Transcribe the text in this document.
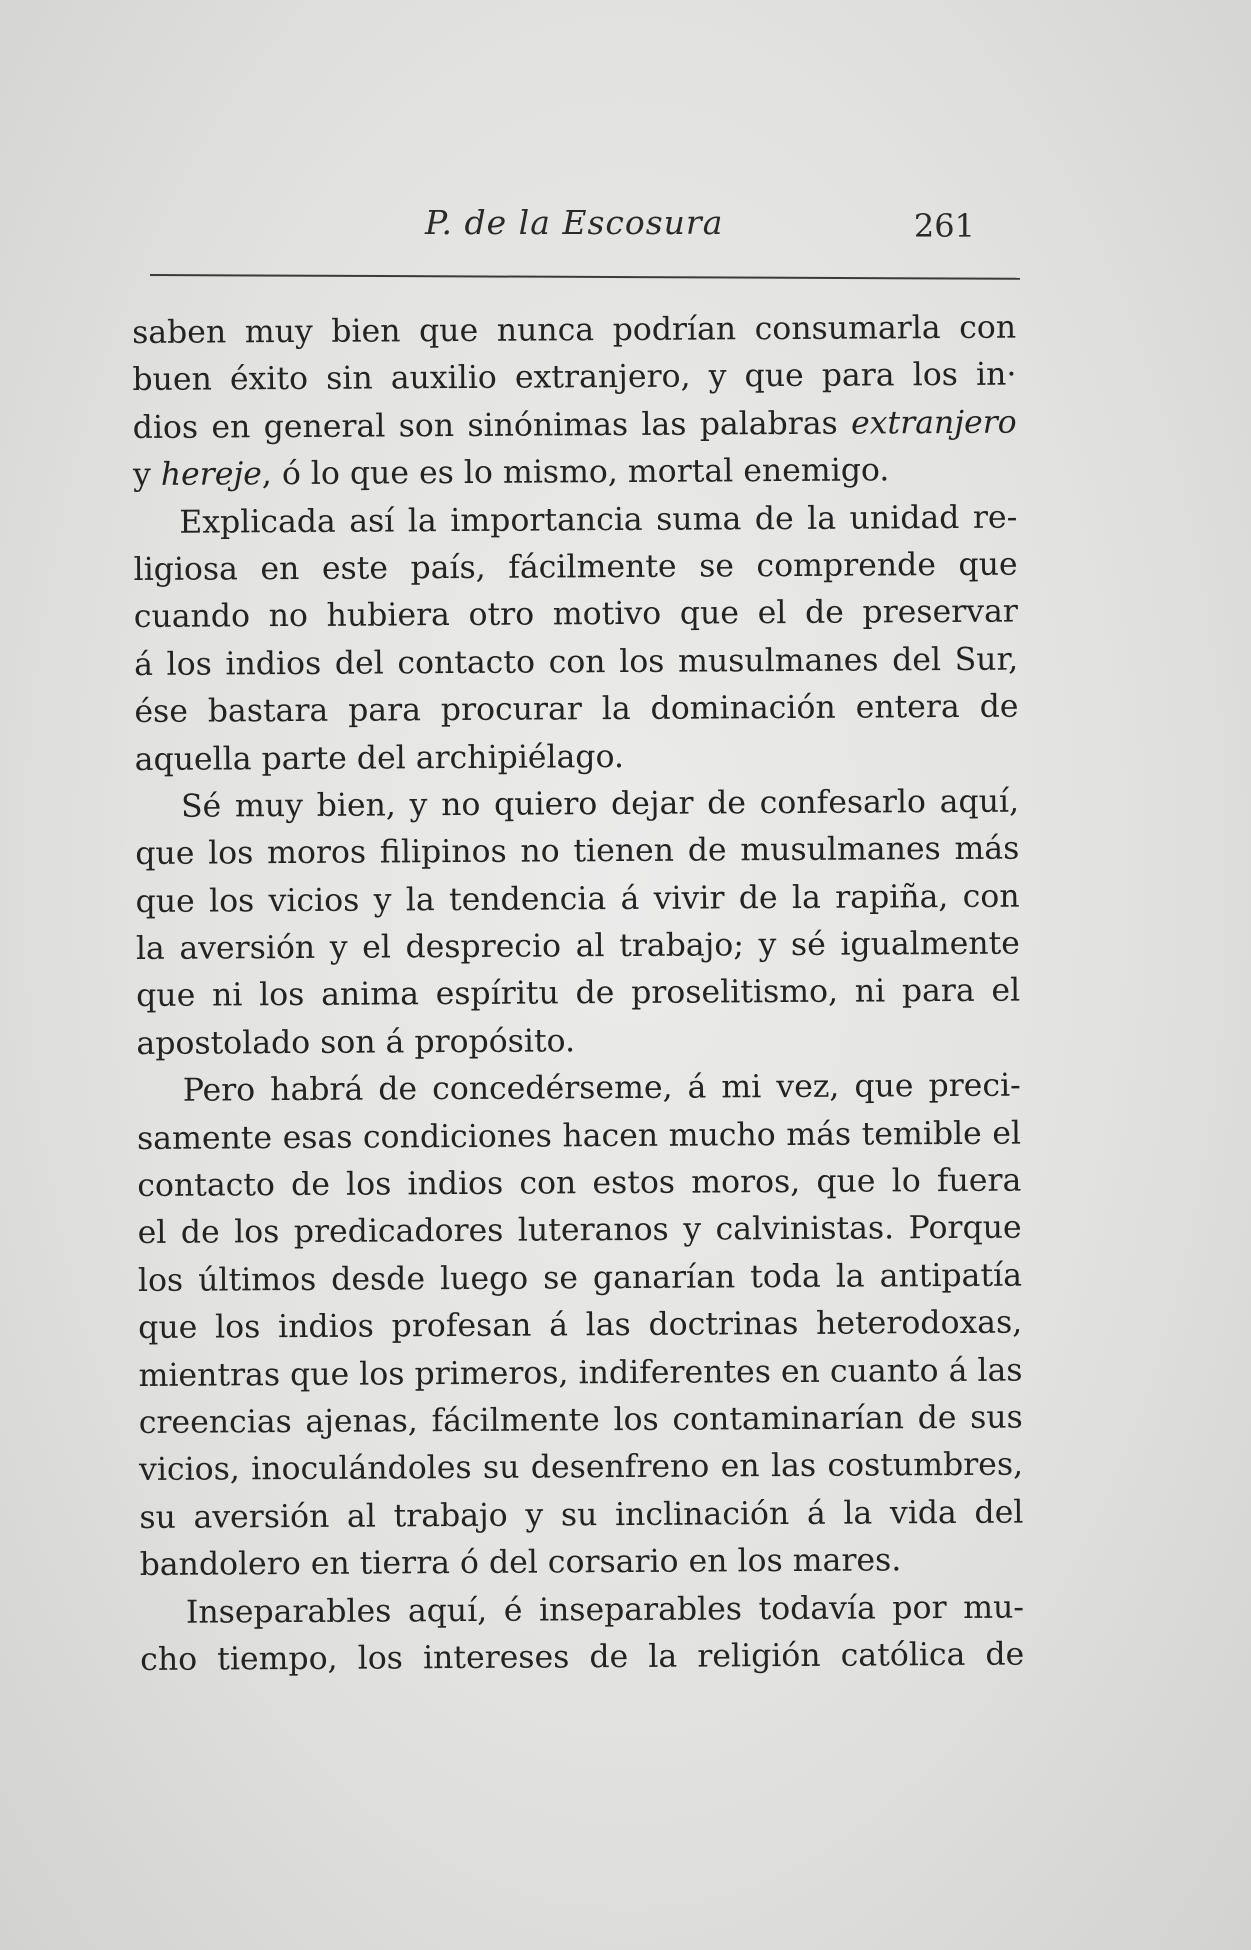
P. de la Escosura	261
saben muy bien que nunca podrían consumarla con
buen éxito sin auxilio extranjero, y que para los in·
dios en general son sinónimas las palabras extranjero
y hereje, ó lo que es lo mismo, mortal enemigo.
Explicada así la importancia suma de la unidad re-
ligiosa en este país, fácilmente se comprende que
cuando no hubiera otro motivo que el de preservar
á los indios del contacto con los musulmanes del Sur,
ése bastara para procurar la dominación entera de
aquella parte del archipiélago.
Sé muy bien, y no quiero dejar de confesarlo aquí,
que los moros filipinos no tienen de musulmanes más
que los vicios y la tendencia á vivir de la rapiña, con
la aversión y el desprecio al trabajo; y sé igualmente
que ni los anima espíritu de proselitismo, ni para el
apostolado son á propósito.
Pero habrá de concedérseme, á mi vez, que preci-
samente esas condiciones hacen mucho más temible el
contacto de los indios con estos moros, que lo fuera
el de los predicadores luteranos y calvinistas. Porque
los últimos desde luego se ganarían toda la antipatía
que los indios profesan á las doctrinas heterodoxas,
mientras que los primeros, indiferentes en cuanto á las
creencias ajenas, fácilmente los contaminarían de sus
vicios, inoculándoles su desenfreno en las costumbres,
su aversión al trabajo y su inclinación á la vida del
bandolero en tierra ó del corsario en los mares.
Inseparables aquí, é inseparables todavía por mu-
cho tiempo, los intereses de la religión católica de
